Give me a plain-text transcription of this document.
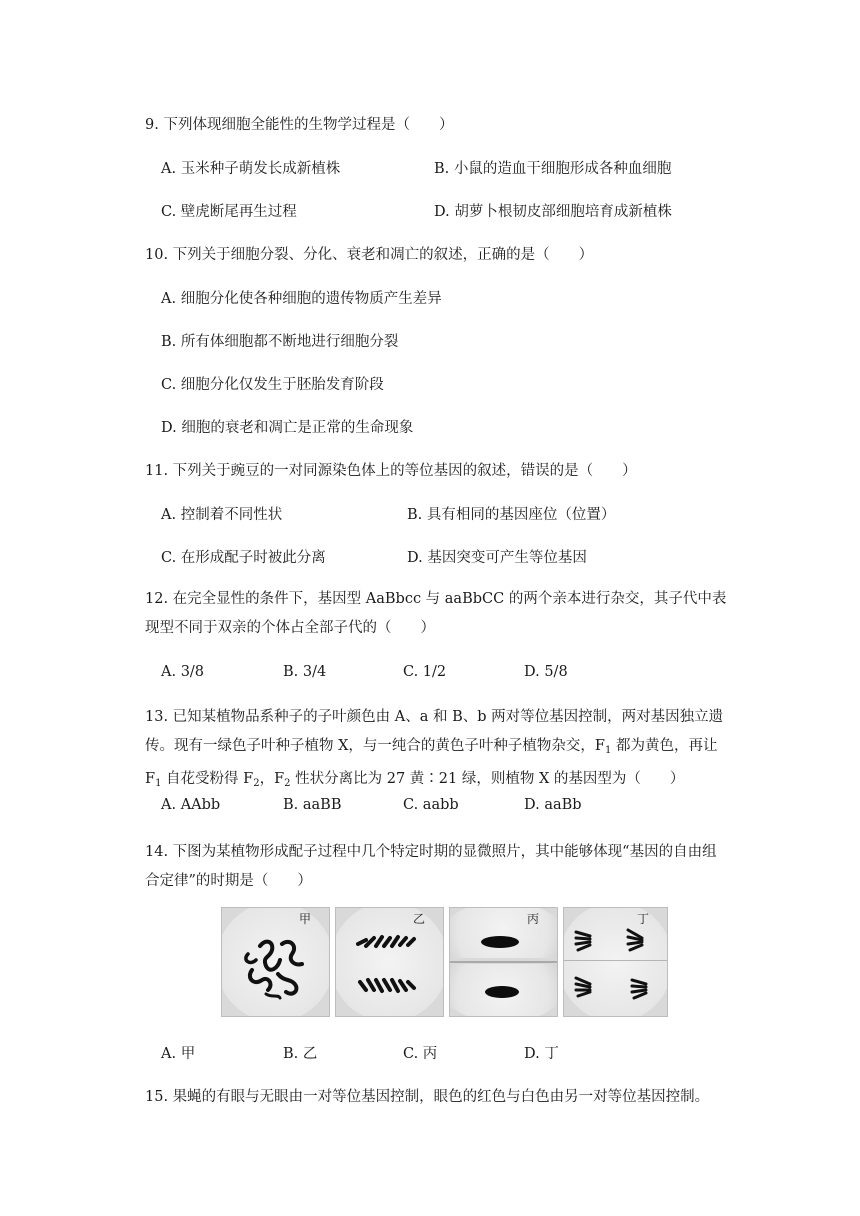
9. 下列体现细胞全能性的生物学过程是（　　）
A. 玉米种子萌发长成新植株	B. 小鼠的造血干细胞形成各种血细胞
C. 壁虎断尾再生过程	D. 胡萝卜根韧皮部细胞培育成新植株
10. 下列关于细胞分裂、分化、衰老和凋亡的叙述，正确的是（　　）
A. 细胞分化使各种细胞的遗传物质产生差异
B. 所有体细胞都不断地进行细胞分裂
C. 细胞分化仅发生于胚胎发育阶段
D. 细胞的衰老和凋亡是正常的生命现象
11. 下列关于豌豆的一对同源染色体上的等位基因的叙述，错误的是（　　）
A. 控制着不同性状	B. 具有相同的基因座位（位置）
C. 在形成配子时被此分离	D. 基因突变可产生等位基因
12. 在完全显性的条件下，基因型 AaBbcc 与 aaBbCC 的两个亲本进行杂交，其子代中表现型不同于双亲的个体占全部子代的（　　）
A. 3/8	B. 3/4	C. 1/2	D. 5/8
13. 已知某植物品系种子的子叶颜色由 A、a 和 B、b 两对等位基因控制，两对基因独立遗传。现有一绿色子叶种子植物 X，与一纯合的黄色子叶种子植物杂交，$F_1$ 都为黄色，再让 $F_1$ 自花受粉得 $F_2$，$F_2$ 性状分离比为 27 黄∶21 绿，则植物 X 的基因型为（　　）
A. AAbb	B. aaBB	C. aabb	D. aaBb
14. 下图为某植物形成配子过程中几个特定时期的显微照片，其中能够体现“基因的自由组合定律”的时期是（　　）
甲	乙	丙	丁
A. 甲	B. 乙	C. 丙	D. 丁
15. 果蝇的有眼与无眼由一对等位基因控制，眼色的红色与白色由另一对等位基因控制。
